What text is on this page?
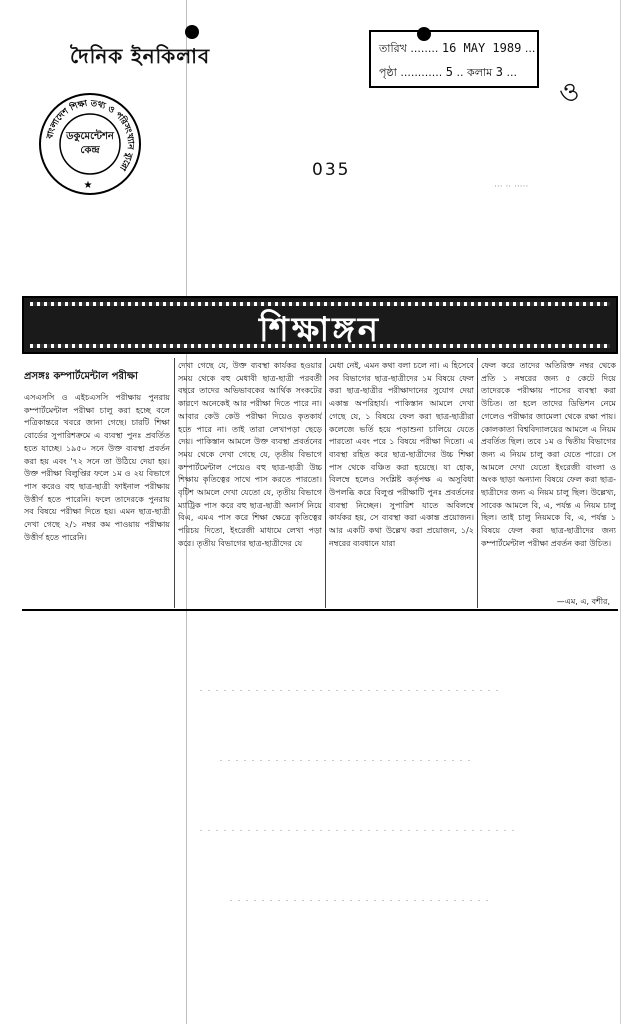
দৈনিক ইনকিলাব
বাংলাদেশ শিক্ষা তথ্য ও পরিসংখ্যান ব্যুরো
★
ডকুমেন্টেশন
কেন্দ্র
তারিখ ........ 16 MAY 1989 ...
পৃষ্ঠা ............ 5 .. কলাম 3 ...
ও
035
··· ·· ·····
শিক্ষাঙ্গন
প্রসঙ্গঃ কম্পার্টমেন্টাল পরীক্ষা

এসএসসি ও এইচএসসি পরীক্ষায় পুনরায় কম্পার্টমেন্টাল পরীক্ষা চালু করা হচ্ছে বলে পত্রিকান্তরে খবরে জানা গেছে। চারটি শিক্ষা বোর্ডের সুপারিশক্রমে এ ব্যবস্থা পুনঃ প্রবর্তিত হতে যাচ্ছে। ১৯৫০ সনে উক্ত ব্যবস্থা প্রবর্তন করা হয় এবং '৭২ সনে তা উঠিয়ে দেয়া হয়। উক্ত পরীক্ষা বিলুপ্তির ফলে ১ম ও ২য় বিভাগে পাস করেও বহু ছাত্র-ছাত্রী ফাইনাল পরীক্ষায় উত্তীর্ণ হতে পারেনি। ফলে তাদেরকে পুনরায় সব বিষয়ে পরীক্ষা দিতে হয়। এমন ছাত্র-ছাত্রী দেখা গেছে ২/১ নম্বর কম পাওয়ায় পরীক্ষায় উত্তীর্ণ হতে পারেনি।

দেখা গেছে যে, উক্ত ব্যবস্থা কার্যকর হওয়ার সময় থেকে বহু মেধাবী ছাত্র-ছাত্রী পরবর্তী বছরে তাদের অভিভাবকের আর্থিক সংকটের কারণে অনেকেই আর পরীক্ষা দিতে পারে না। আবার কেউ কেউ পরীক্ষা দিয়েও কৃতকার্য হতে পারে না। তাই তারা লেখাপড়া ছেড়ে দেয়। পাকিস্তান আমলে উক্ত ব্যবস্থা প্রবর্তনের সময় থেকে দেখা গেছে যে, তৃতীয় বিভাগে কম্পার্টমেন্টাল পেয়েও বহু ছাত্র-ছাত্রী উচ্চ শিক্ষায় কৃতিত্বের সাথে পাস করতে পারতো। বৃটিশ আমলে দেখা যেতো যে, তৃতীয় বিভাগে ম্যাট্রিক পাস করে বহু ছাত্র-ছাত্রী অনার্স নিয়ে বিএ, এমএ পাস করে শিক্ষা ক্ষেত্রে কৃতিত্বের পরিচয় দিতো, ইংরেজী মাধ্যমে লেখা পড়া করে। তৃতীয় বিভাগের ছাত্র-ছাত্রীদের যে

মেধা নেই, এমন কথা বলা চলে না। এ হিসেবে সব বিভাগের ছাত্র-ছাত্রীদের ১ম বিষয়ে ফেল করা ছাত্র-ছাত্রীর পরীক্ষাদানের সুযোগ দেয়া একান্ত অপরিহার্য। পাকিস্তান আমলে দেখা গেছে যে, ১ বিষয়ে ফেল করা ছাত্র-ছাত্রীরা কলেজে ভর্তি হয়ে পড়াশুনা চালিয়ে যেতে পারতো এবং পরে ১ বিষয়ে পরীক্ষা দিতো। এ ব্যবস্থা রহিত করে ছাত্র-ছাত্রীদের উচ্চ শিক্ষা পাস থেকে বঞ্চিত করা হয়েছে। যা হোক, বিলম্বে হলেও সংশ্লিষ্ট কর্তৃপক্ষ এ অসুবিধা উপলব্ধি করে বিলুপ্ত পরীক্ষাটি পুনঃ প্রবর্তনের ব্যবস্থা নিচ্ছেন। সুপারিশ যাতে অবিলম্বে কার্যকর হয়, সে ব্যবস্থা করা একান্ত প্রয়োজন। আর একটি কথা উল্লেখ করা প্রয়োজন, ১/২ নম্বরের ব্যবধানে যারা

ফেল করে তাদের অতিরিক্ত নম্বর থেকে প্রতি ১ নম্বরের জন্য ৫ কেটে দিয়ে তাদেরকে পরীক্ষায় পাসের ব্যবস্থা করা উচিত। তা হলে তাদের ডিভিশন নেমে গেলেও পরীক্ষার জামেলা থেকে রক্ষা পায়। কোলকাতা বিশ্ববিদ্যালয়ের আমলে এ নিয়ম প্রবর্তিত ছিল। তবে ১ম ও দ্বিতীয় বিভাগের জন্য এ নিয়ম চালু করা যেতে পারে। সে আমলে দেখা যেতো ইংরেজী বাংলা ও অংক ছাড়া অন্যান্য বিষয়ে ফেল করা ছাত্র-ছাত্রীদের জন্য এ নিয়ম চালু ছিল। উল্লেখ্য, সাবেক আমলে বি, এ, পর্যন্ত এ নিয়ম চালু ছিল। তাই চালু নিয়মকে বি, এ, পর্যন্ত ১ বিষয়ে ফেল করা ছাত্র-ছাত্রীদের জন্য কম্পার্টমেন্টাল পরীক্ষা প্রবর্তন করা উচিত।

—এম, এ, বশীর,
